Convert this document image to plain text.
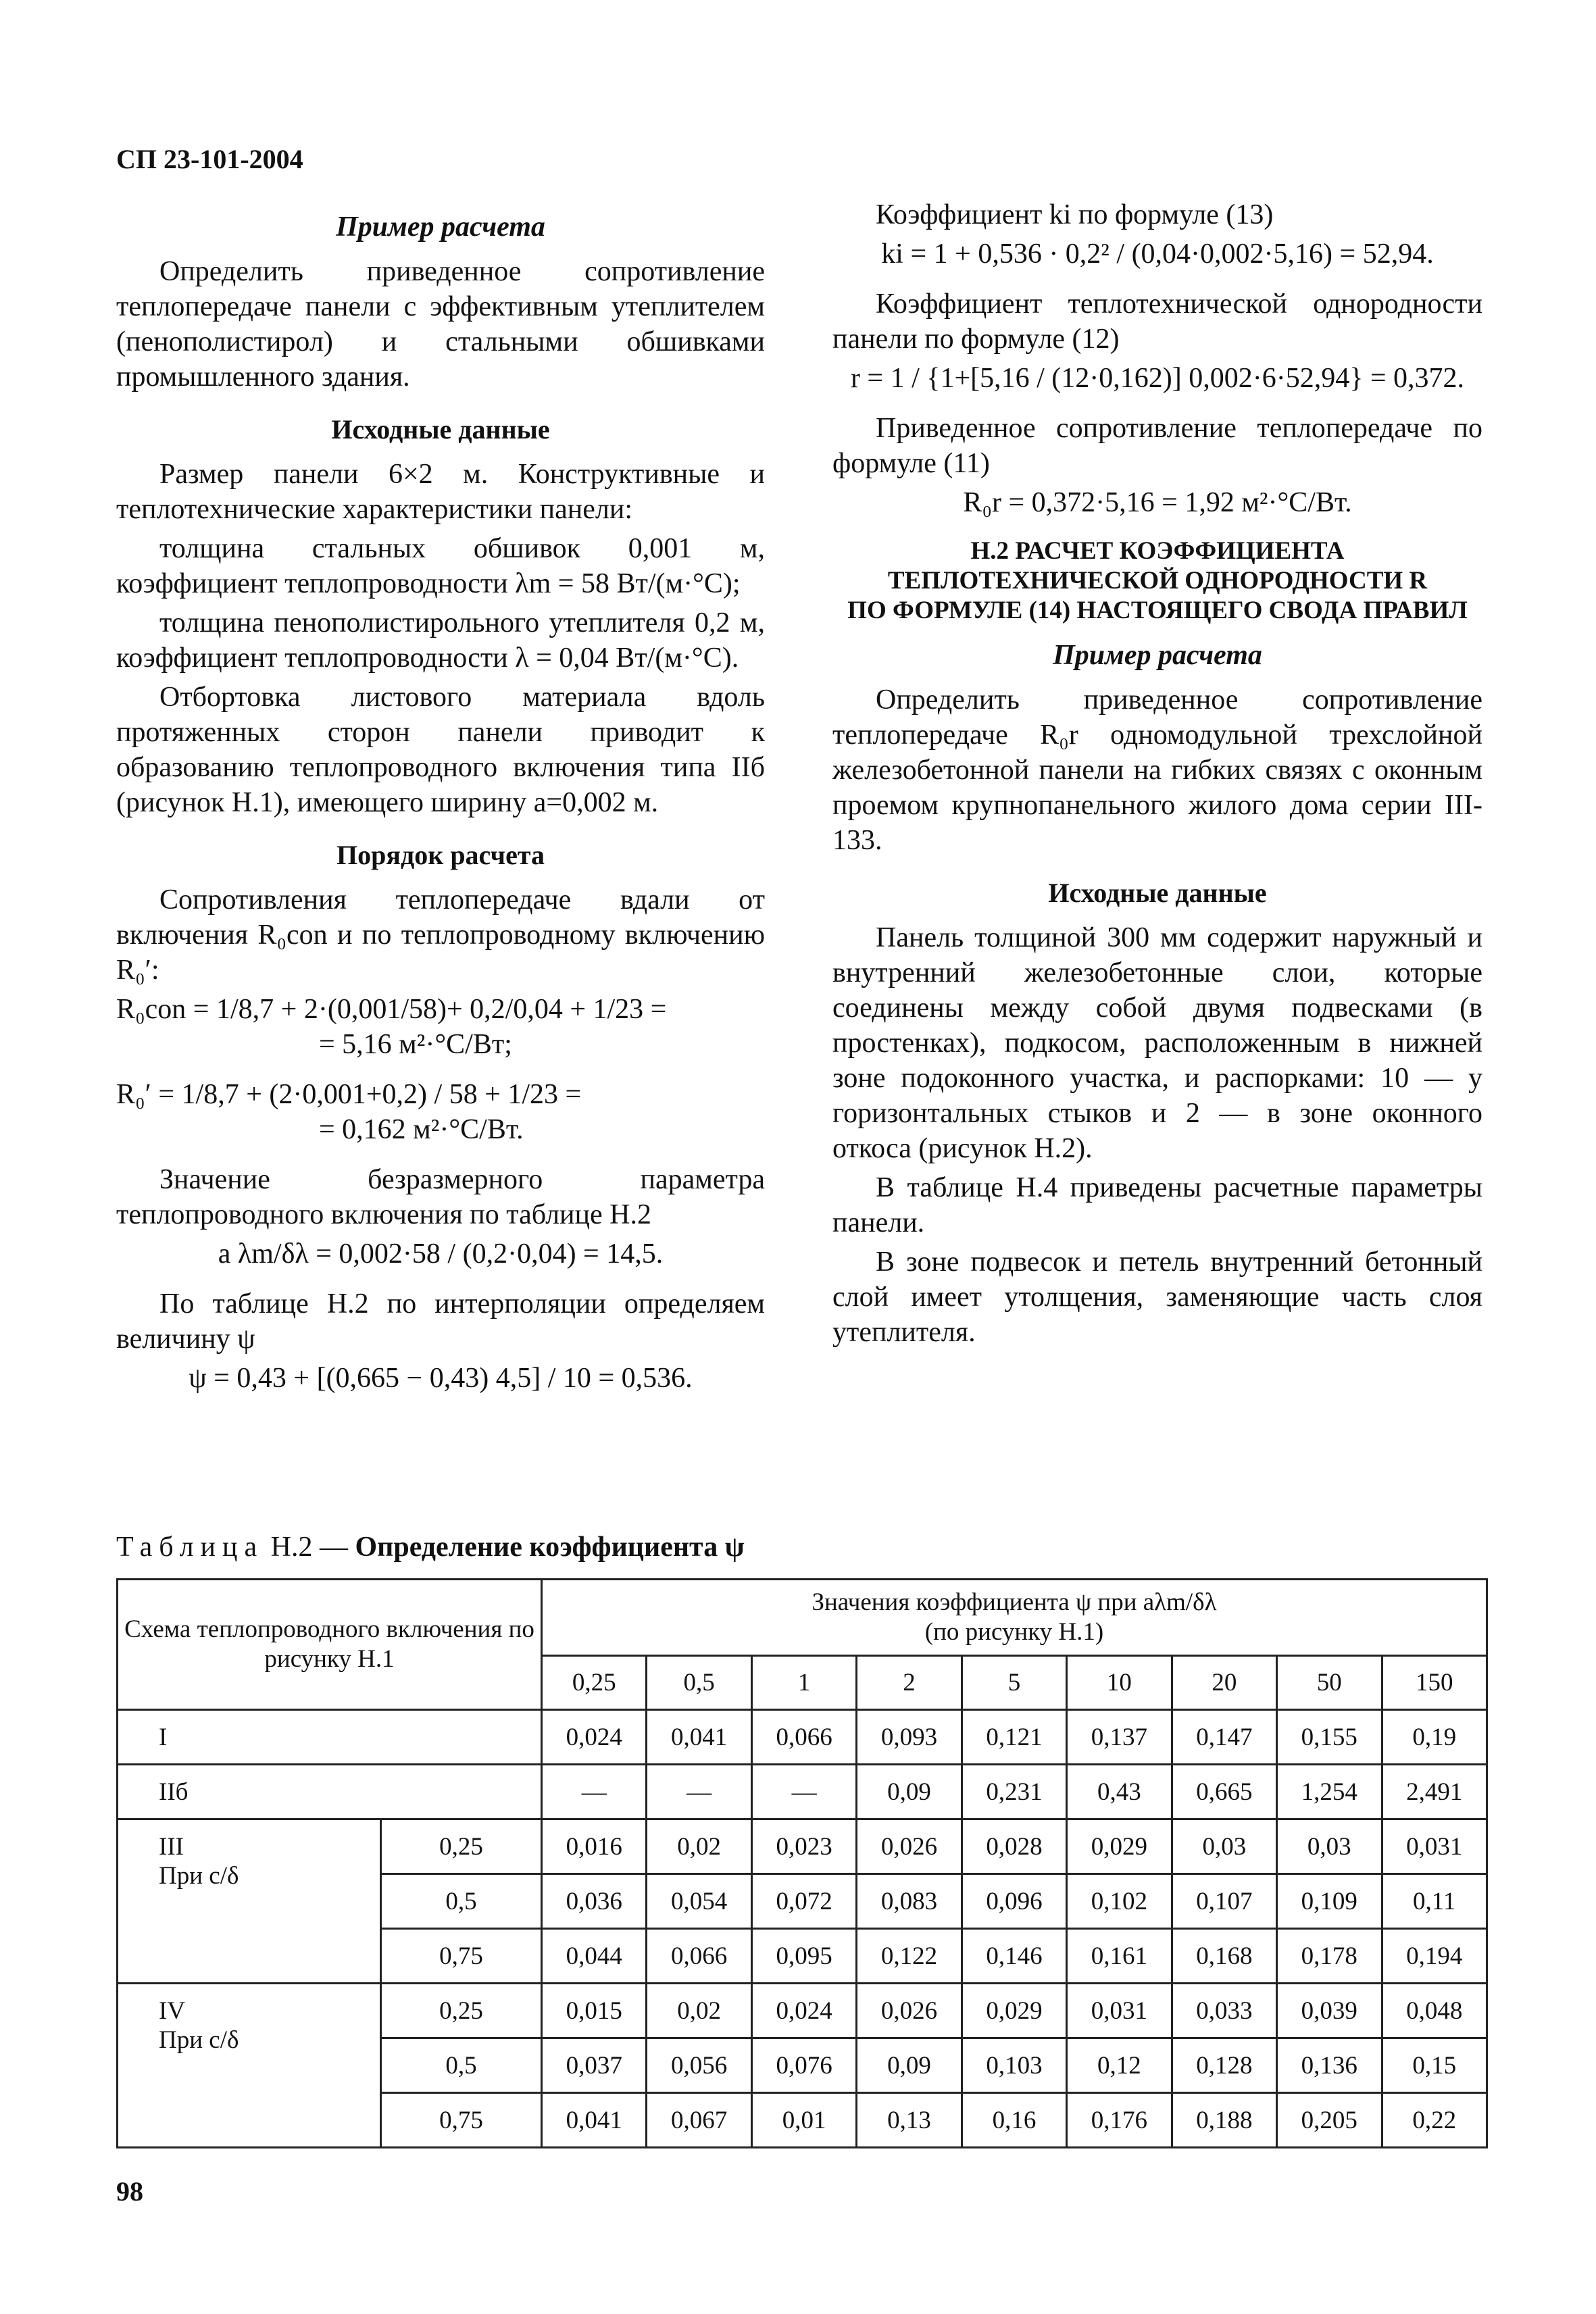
СП 23-101-2004
Пример расчета

Определить приведенное сопротивление теплопередаче панели с эффективным утеплителем (пенополистирол) и стальными обшивками промышленного здания.

Исходные данные

Размер панели 6×2 м. Конструктивные и теплотехнические характеристики панели:

толщина стальных обшивок 0,001 м, коэффициент теплопроводности λm = 58 Вт/(м·°С);

толщина пенополистирольного утеплителя 0,2 м, коэффициент теплопроводности λ = 0,04 Вт/(м·°С).

Отбортовка листового материала вдоль протяженных сторон панели приводит к образованию теплопроводного включения типа IIб (рисунок Н.1), имеющего ширину a=0,002 м.

Порядок расчета

Сопротивления теплопередаче вдали от включения R₀con и по теплопроводному включению R₀′:

R₀con = 1/8,7 + 2·(0,001/58)+ 0,2/0,04 + 1/23 =
= 5,16 м²·°С/Вт;
R₀′ = 1/8,7 + (2·0,001+0,2) / 58 + 1/23 =
= 0,162 м²·°С/Вт.

Значение безразмерного параметра теплопроводного включения по таблице Н.2

a λm/δλ = 0,002·58 / (0,2·0,04) = 14,5.

По таблице Н.2 по интерполяции определяем величину ψ

ψ = 0,43 + [(0,665 − 0,43) 4,5] / 10 = 0,536.

Коэффициент ki по формуле (13)

ki = 1 + 0,536 · 0,2² / (0,04·0,002·5,16) = 52,94.

Коэффициент теплотехнической однородности панели по формуле (12)

r = 1 / {1+[5,16 / (12·0,162)] 0,002·6·52,94} = 0,372.

Приведенное сопротивление теплопередаче по формуле (11)

R₀r = 0,372·5,16 = 1,92 м²·°С/Вт.
Н.2 РАСЧЕТ КОЭФФИЦИЕНТА
ТЕПЛОТЕХНИЧЕСКОЙ ОДНОРОДНОСТИ R
ПО ФОРМУЛЕ (14) НАСТОЯЩЕГО СВОДА ПРАВИЛ
Пример расчета

Определить приведенное сопротивление теплопередаче R₀r одномодульной трехслойной железобетонной панели на гибких связях с оконным проемом крупнопанельного жилого дома серии III-133.

Исходные данные

Панель толщиной 300 мм содержит наружный и внутренний железобетонные слои, которые соединены между собой двумя подвесками (в простенках), подкосом, расположенным в нижней зоне подоконного участка, и распорками: 10 — у горизонтальных стыков и 2 — в зоне оконного откоса (рисунок Н.2).

В таблице Н.4 приведены расчетные параметры панели.

В зоне подвесок и петель внутренний бетонный слой имеет утолщения, заменяющие часть слоя утеплителя.

Таблица Н.2 — Определение коэффициента ψ
Схема теплопроводного включения по рисунку Н.1		Значения коэффициента ψ при aλm/δλ
(по рисунку Н.1)								

		0,25	0,5	1	2	5	10	20	50	150
I		0,024	0,041	0,066	0,093	0,121	0,137	0,147	0,155	0,19
IIб		—	—	—	0,09	0,231	0,43	0,665	1,254	2,491

III
При c/δ	0,25	0,016	0,02	0,023	0,026	0,028	0,029	0,03	0,03	0,031
	0,5	0,036	0,054	0,072	0,083	0,096	0,102	0,107	0,109	0,11
	0,75	0,044	0,066	0,095	0,122	0,146	0,161	0,168	0,178	0,194

IV
При c/δ	0,25	0,015	0,02	0,024	0,026	0,029	0,031	0,033	0,039	0,048
	0,5	0,037	0,056	0,076	0,09	0,103	0,12	0,128	0,136	0,15
	0,75	0,041	0,067	0,01	0,13	0,16	0,176	0,188	0,205	0,22
98
